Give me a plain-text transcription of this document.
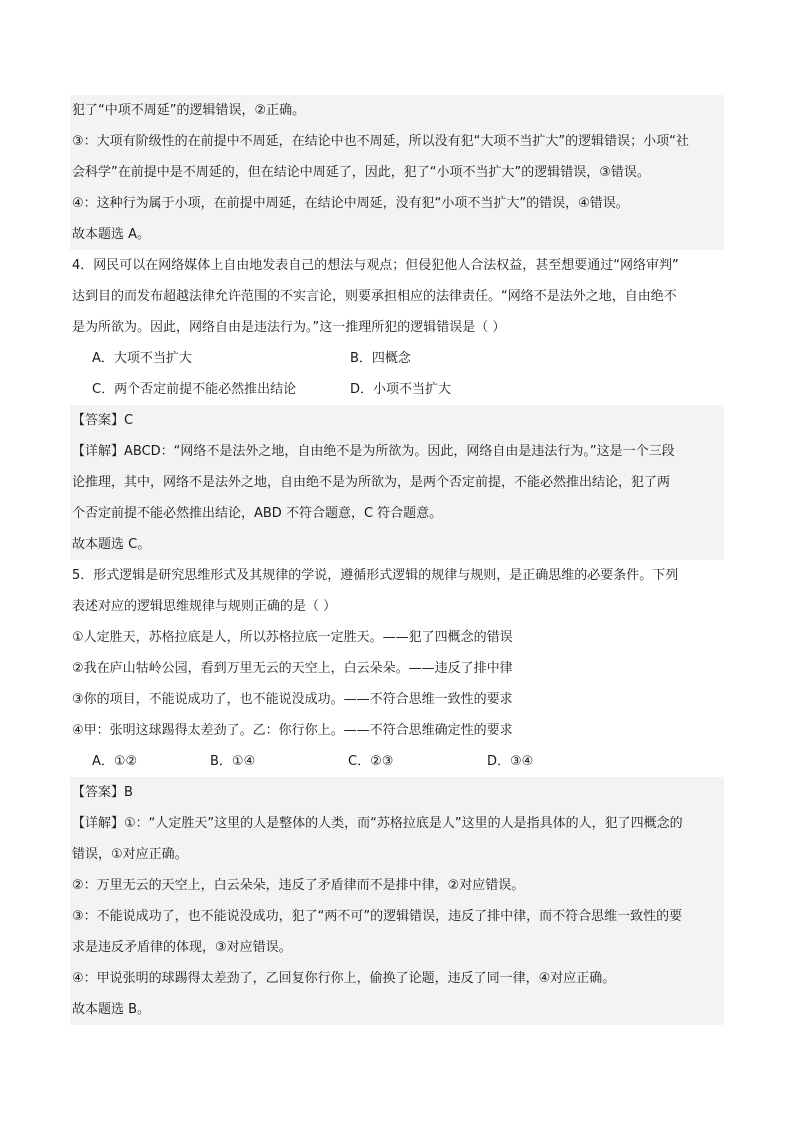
犯了“中项不周延”的逻辑错误，②正确。
③：大项有阶级性的在前提中不周延，在结论中也不周延，所以没有犯“大项不当扩大”的逻辑错误；小项“社
会科学”在前提中是不周延的，但在结论中周延了，因此，犯了“小项不当扩大”的逻辑错误，③错误。
④：这种行为属于小项，在前提中周延，在结论中周延，没有犯“小项不当扩大”的错误，④错误。
故本题选 A。
4．网民可以在网络媒体上自由地发表自己的想法与观点；但侵犯他人合法权益，甚至想要通过“网络审判”
达到目的而发布超越法律允许范围的不实言论，则要承担相应的法律责任。“网络不是法外之地，自由绝不
是为所欲为。因此，网络自由是违法行为。”这一推理所犯的逻辑错误是（ ）
A．大项不当扩大	B．四概念
C．两个否定前提不能必然推出结论	D．小项不当扩大
【答案】C
【详解】ABCD：“网络不是法外之地，自由绝不是为所欲为。因此，网络自由是违法行为。”这是一个三段
论推理，其中，网络不是法外之地，自由绝不是为所欲为，是两个否定前提，不能必然推出结论，犯了两
个否定前提不能必然推出结论，ABD 不符合题意，C 符合题意。
故本题选 C。
5．形式逻辑是研究思维形式及其规律的学说，遵循形式逻辑的规律与规则，是正确思维的必要条件。下列
表述对应的逻辑思维规律与规则正确的是（ ）
①人定胜天，苏格拉底是人，所以苏格拉底一定胜天。——犯了四概念的错误
②我在庐山牯岭公园，看到万里无云的天空上，白云朵朵。——违反了排中律
③你的项目，不能说成功了，也不能说没成功。——不符合思维一致性的要求
④甲：张明这球踢得太差劲了。乙：你行你上。——不符合思维确定性的要求
A．①②	B．①④	C．②③	D．③④
【答案】B
【详解】①：“人定胜天”这里的人是整体的人类，而“苏格拉底是人”这里的人是指具体的人，犯了四概念的
错误，①对应正确。
②：万里无云的天空上，白云朵朵，违反了矛盾律而不是排中律，②对应错误。
③：不能说成功了，也不能说没成功，犯了“两不可”的逻辑错误，违反了排中律，而不符合思维一致性的要
求是违反矛盾律的体现，③对应错误。
④：甲说张明的球踢得太差劲了，乙回复你行你上，偷换了论题，违反了同一律，④对应正确。
故本题选 B。
